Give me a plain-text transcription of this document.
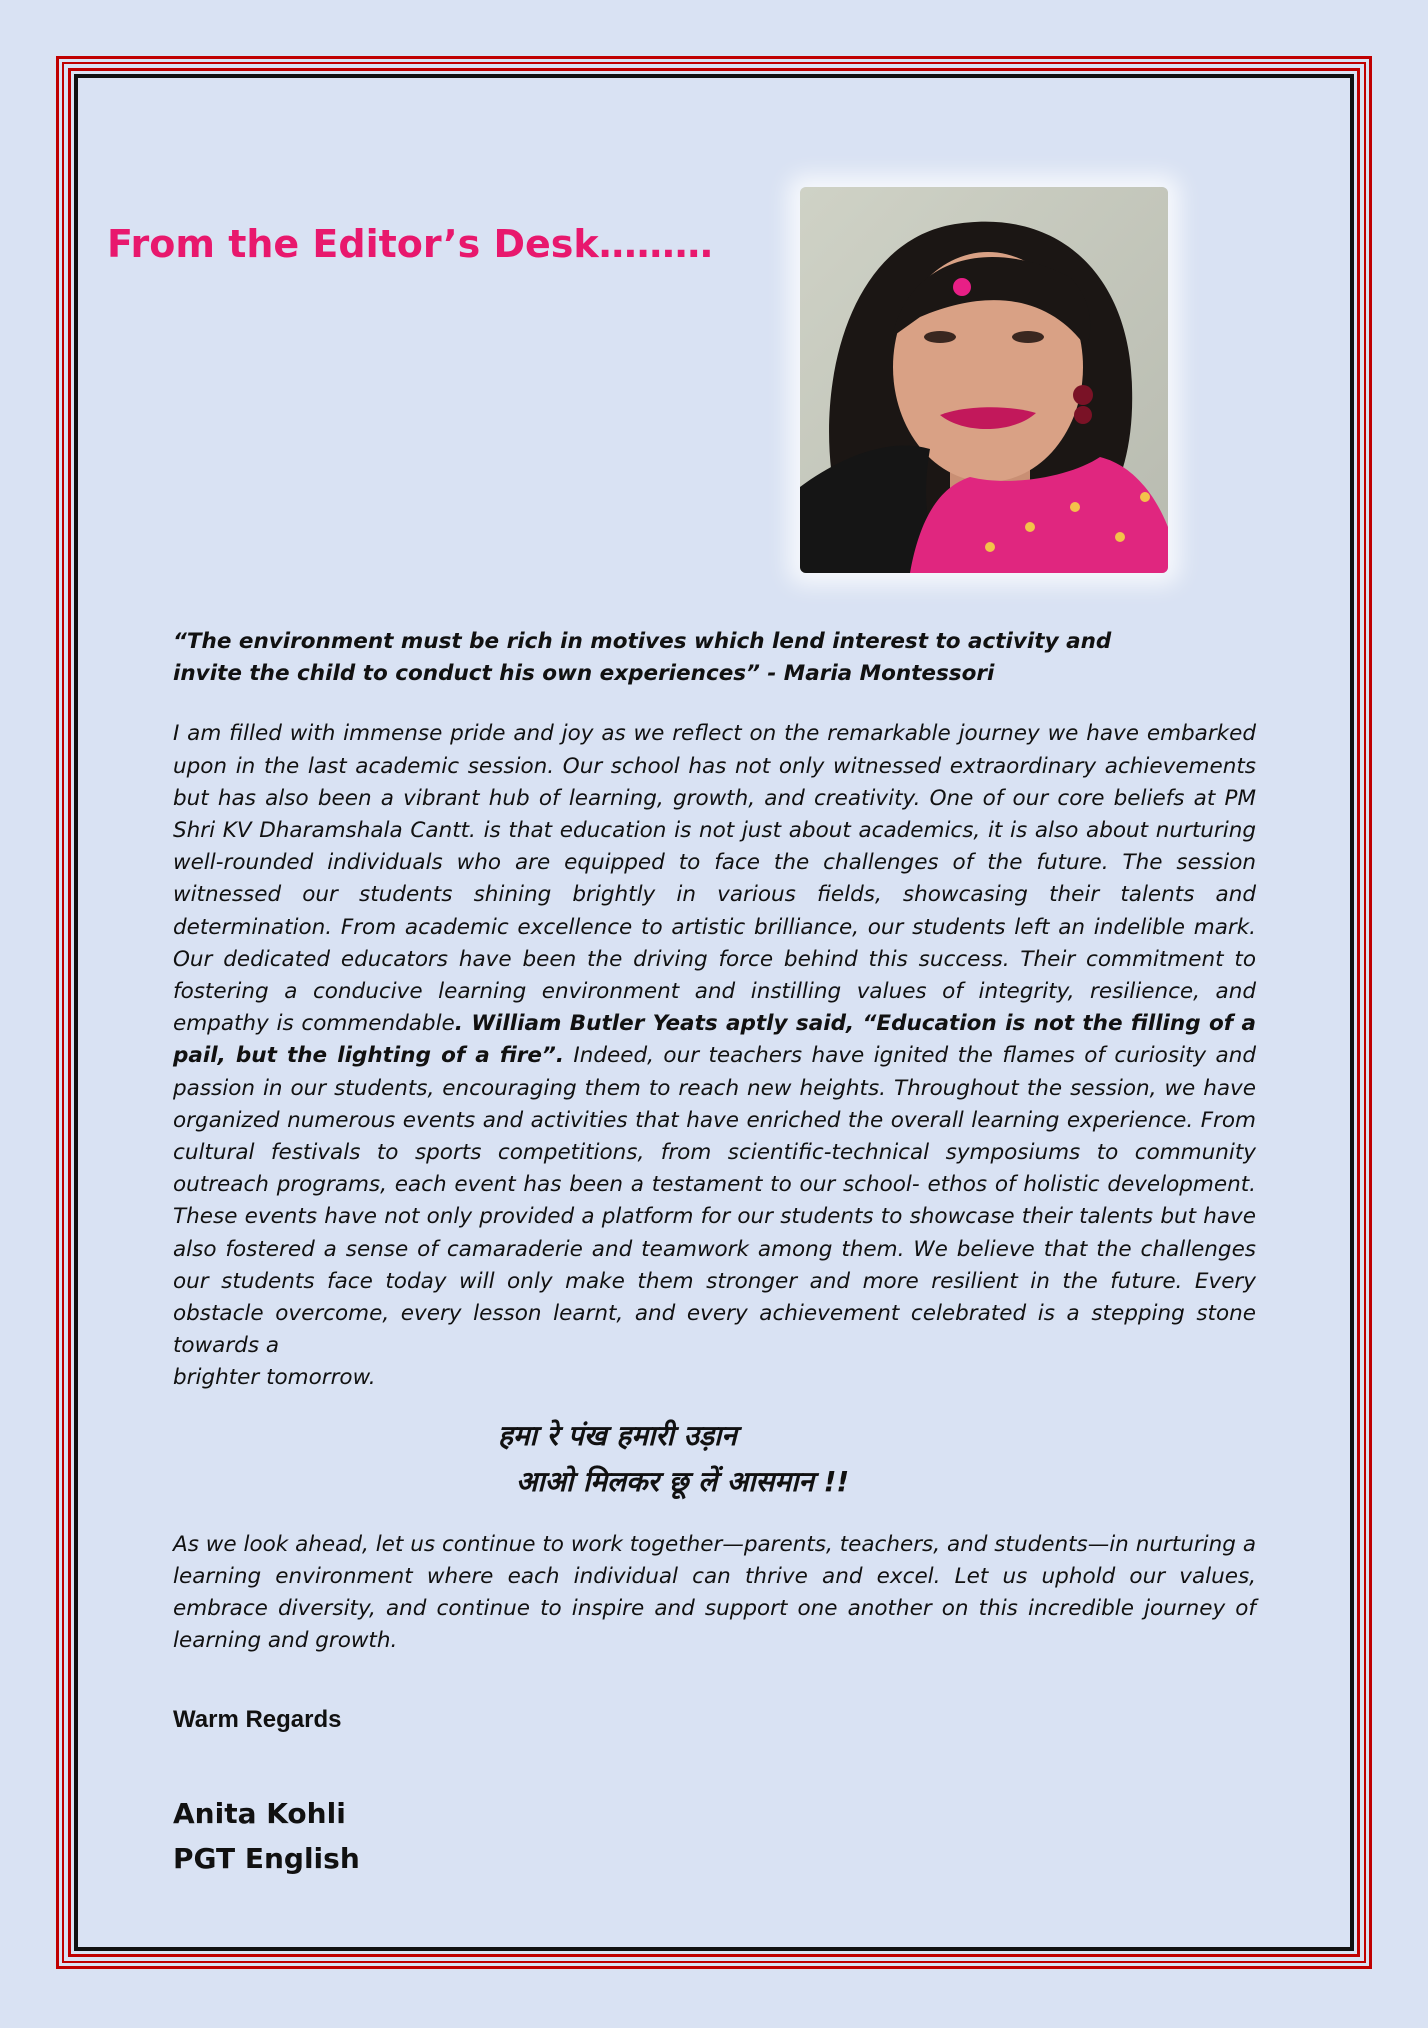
From the Editor’s Desk………

“The environment must be rich in motives which lend interest to activity and
invite the child to conduct his own experiences” - Maria Montessori

I am filled with immense pride and joy as we reflect on the remarkable journey we have embarked upon in the last academic session. Our school has not only witnessed extraordinary achievements but has also been a vibrant hub of learning, growth, and creativity. One of our core beliefs at PM Shri KV Dharamshala Cantt. is that education is not just about academics, it is also about nurturing well-rounded individuals who are equipped to face the challenges of the future. The session witnessed our students shining brightly in various fields, showcasing their talents and determination. From academic excellence to artistic brilliance, our students left an indelible mark. Our dedicated educators have been the driving force behind this success. Their commitment to fostering a conducive learning environment and instilling values of integrity, resilience, and empathy is commendable. William Butler Yeats aptly said, “Education is not the filling of a pail, but the lighting of a fire”. Indeed, our teachers have ignited the flames of curiosity and passion in our students, encouraging them to reach new heights. Throughout the session, we have organized numerous events and activities that have enriched the overall learning experience. From cultural festivals to sports competitions, from scientific-technical symposiums to community outreach programs, each event has been a testament to our school- ethos of holistic development. These events have not only provided a platform for our students to showcase their talents but have also fostered a sense of camaraderie and teamwork among them. We believe that the challenges our students face today will only make them stronger and more resilient in the future. Every obstacle overcome, every lesson learnt, and every achievement celebrated is a stepping stone towards a

brighter tomorrow.

हमा रे पंख हमारी उड़ान
आओ मिलकर छू लें आसमान !!

As we look ahead, let us continue to work together—parents, teachers, and students—in nurturing a learning environment where each individual can thrive and excel. Let us uphold our values, embrace diversity, and continue to inspire and support one another on this incredible journey of learning and growth.

Warm Regards
Anita Kohli
PGT English
